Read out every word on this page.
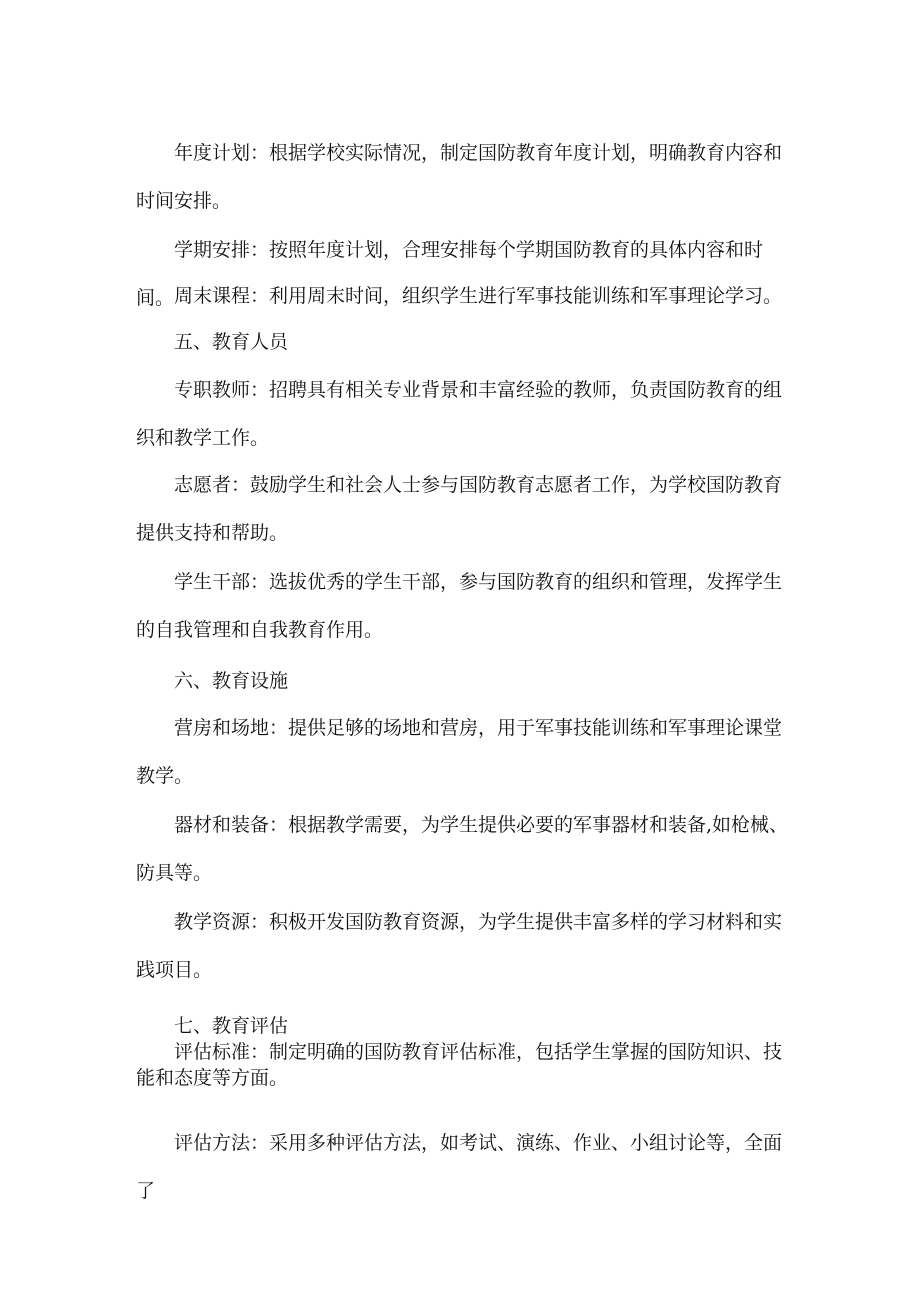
年度计划：根据学校实际情况，制定国防教育年度计划，明确教育内容和时间安排。

学期安排：按照年度计划，合理安排每个学期国防教育的具体内容和时间。 周末课程：利用周末时间，组织学生进行军事技能训练和军事理论学习。

五、教育人员

专职教师：招聘具有相关专业背景和丰富经验的教师，负责国防教育的组织和教学工作。

志愿者：鼓励学生和社会人士参与国防教育志愿者工作，为学校国防教育提供支持和帮助。

学生干部：选拔优秀的学生干部，参与国防教育的组织和管理，发挥学生的自我管理和自我教育作用。

六、教育设施

营房和场地：提供足够的场地和营房，用于军事技能训练和军事理论课堂教学。

器材和装备：根据教学需要，为学生提供必要的军事器材和装备,如枪械、防具等。

教学资源：积极开发国防教育资源，为学生提供丰富多样的学习材料和实践项目。

七、教育评估

评估标准：制定明确的国防教育评估标准，包括学生掌握的国防知识、技能和态度等方面。

评估方法：采用多种评估方法，如考试、演练、作业、小组讨论等，全面了
